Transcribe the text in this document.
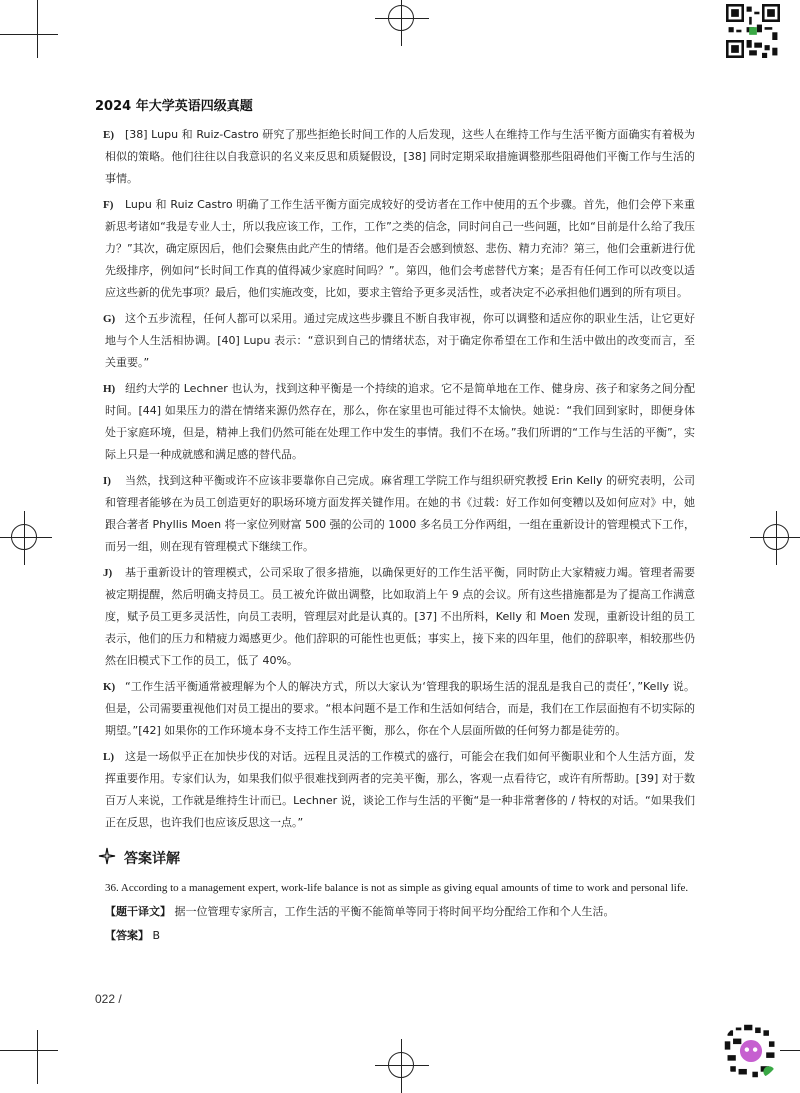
2024 年大学英语四级真题
E)	[38] Lupu 和 Ruiz-Castro 研究了那些拒绝长时间工作的人后发现，这些人在维持工作与生活平衡方面确实有着极为相似的策略。他们往往以自我意识的名义来反思和质疑假设，[38] 同时定期采取措施调整那些阻碍他们平衡工作与生活的事情。
F)	Lupu 和 Ruiz Castro 明确了工作生活平衡方面完成较好的受访者在工作中使用的五个步骤。首先，他们会停下来重新思考诸如“我是专业人士，所以我应该工作，工作，工作”之类的信念，同时问自己一些问题，比如“目前是什么给了我压力？”其次，确定原因后，他们会聚焦由此产生的情绪。他们是否会感到愤怒、悲伤、精力充沛？第三，他们会重新进行优先级排序，例如问“长时间工作真的值得减少家庭时间吗？”。第四，他们会考虑替代方案；是否有任何工作可以改变以适应这些新的优先事项？最后，他们实施改变，比如，要求主管给予更多灵活性，或者决定不必承担他们遇到的所有项目。
G) 这个五步流程，任何人都可以采用。通过完成这些步骤且不断自我审视，你可以调整和适应你的职业生活，让它更好地与个人生活相协调。[40] Lupu 表示：“意识到自己的情绪状态，对于确定你希望在工作和生活中做出的改变而言，至关重要。”
H) 纽约大学的 Lechner 也认为，找到这种平衡是一个持续的追求。它不是简单地在工作、健身房、孩子和家务之间分配时间。[44] 如果压力的潜在情绪来源仍然存在，那么，你在家里也可能过得不太愉快。她说：“我们回到家时，即便身体处于家庭环境，但是，精神上我们仍然可能在处理工作中发生的事情。我们不在场。”我们所谓的“工作与生活的平衡”，实际上只是一种成就感和满足感的替代品。
I)	当然，找到这种平衡或许不应该非要靠你自己完成。麻省理工学院工作与组织研究教授 Erin Kelly 的研究表明，公司和管理者能够在为员工创造更好的职场环境方面发挥关键作用。在她的书《过载：好工作如何变糟以及如何应对》中，她跟合著者 Phyllis Moen 将一家位列财富 500 强的公司的 1000 多名员工分作两组，一组在重新设计的管理模式下工作，而另一组，则在现有管理模式下继续工作。
J)	基于重新设计的管理模式，公司采取了很多措施，以确保更好的工作生活平衡，同时防止大家精疲力竭。管理者需要被定期提醒，然后明确支持员工。员工被允许做出调整，比如取消上午 9 点的会议。所有这些措施都是为了提高工作满意度，赋予员工更多灵活性，向员工表明，管理层对此是认真的。[37] 不出所料，Kelly 和 Moen 发现，重新设计组的员工表示，他们的压力和精疲力竭感更少。他们辞职的可能性也更低；事实上，接下来的四年里，他们的辞职率，相较那些仍然在旧模式下工作的员工，低了 40%。
K) “工作生活平衡通常被理解为个人的解决方式，所以大家认为‘管理我的职场生活的混乱是我自己的责任’，”Kelly 说。但是，公司需要重视他们对员工提出的要求。“根本问题不是工作和生活如何结合，而是，我们在工作层面抱有不切实际的期望。”[42] 如果你的工作环境本身不支持工作生活平衡，那么，你在个人层面所做的任何努力都是徒劳的。
L)	这是一场似乎正在加快步伐的对话。远程且灵活的工作模式的盛行，可能会在我们如何平衡职业和个人生活方面，发挥重要作用。专家们认为，如果我们似乎很难找到两者的完美平衡，那么，客观一点看待它，或许有所帮助。[39] 对于数百万人来说，工作就是维持生计而已。Lechner 说，谈论工作与生活的平衡“是一种非常奢侈的 / 特权的对话。“如果我们正在反思，也许我们也应该反思这一点。”
答案详解
36. According to a management expert, work-life balance is not as simple as giving equal amounts of time to work and personal life.
【题干译文】 据一位管理专家所言，工作生活的平衡不能简单等同于将时间平均分配给工作和个人生活。
【答案】 B
022 /
